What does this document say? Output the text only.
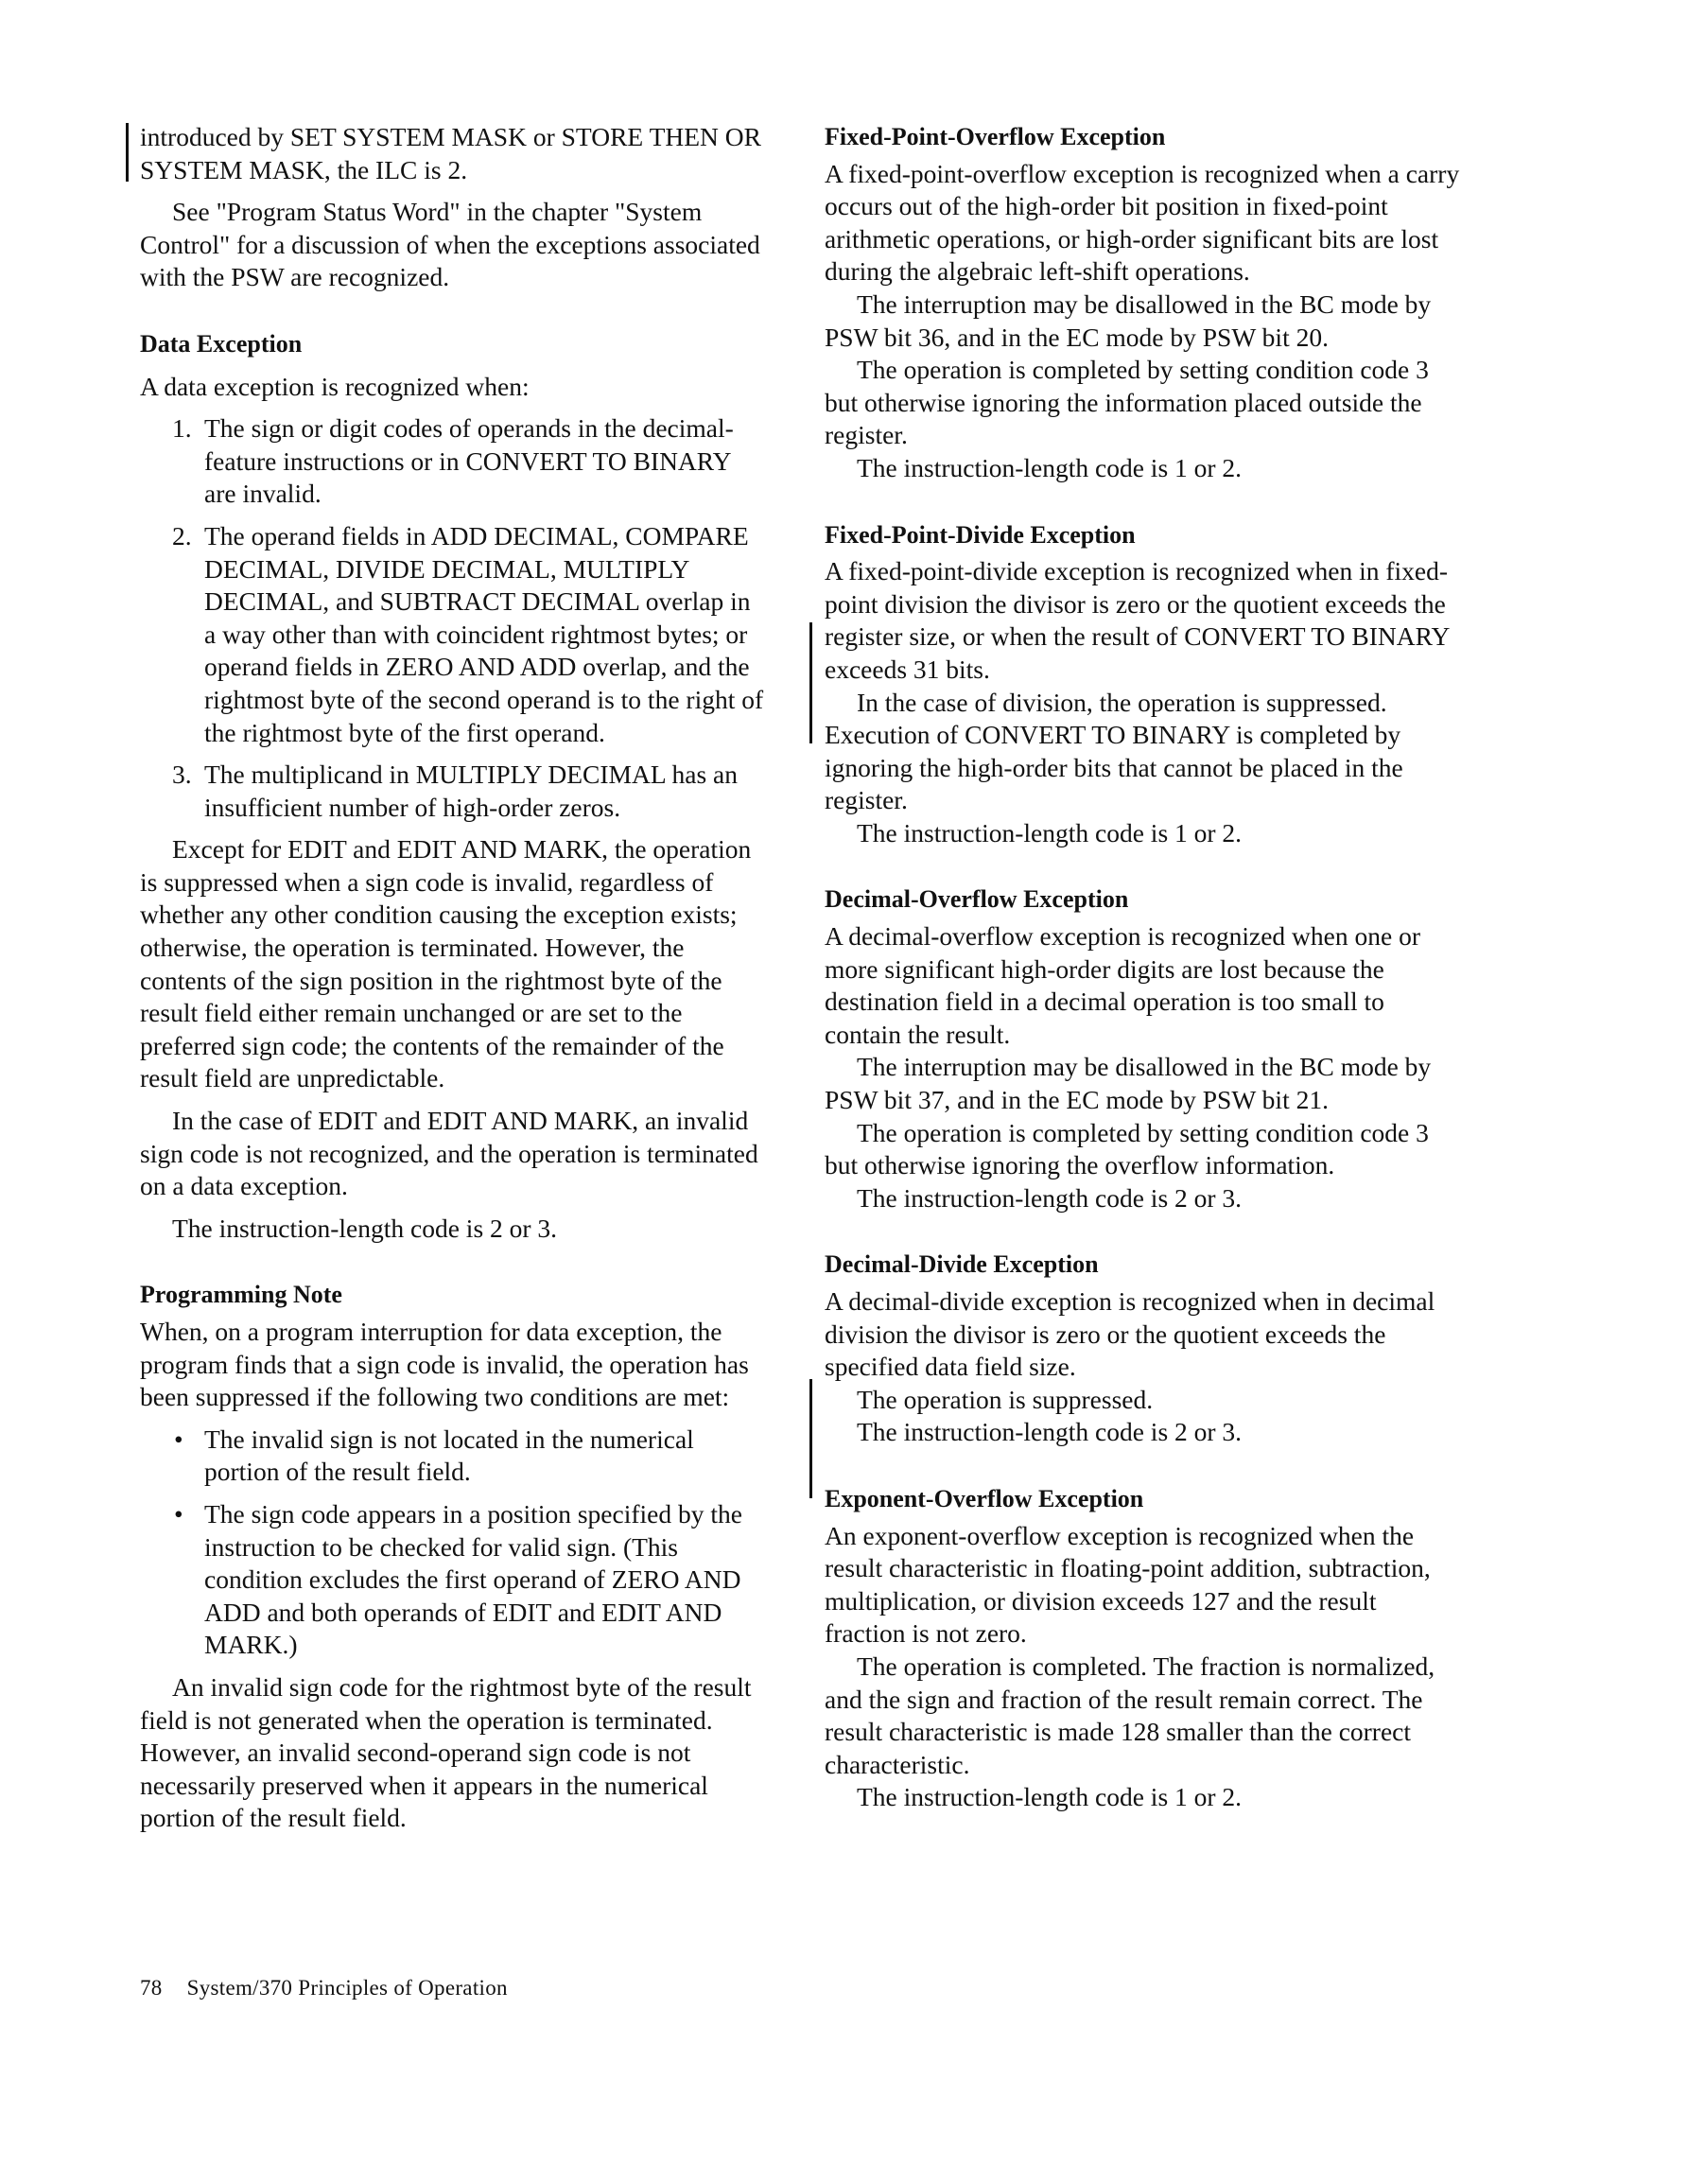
introduced by SET SYSTEM MASK or STORE THEN OR SYSTEM MASK, the ILC is 2.

See "Program Status Word" in the chapter "System Control" for a discussion of when the exceptions associated with the PSW are recognized.

Data Exception

A data exception is recognized when:

1. The sign or digit codes of operands in the decimal-feature instructions or in CONVERT TO BINARY are invalid.
2. The operand fields in ADD DECIMAL, COMPARE DECIMAL, DIVIDE DECIMAL, MULTIPLY DECIMAL, and SUBTRACT DECIMAL overlap in a way other than with coincident rightmost bytes; or operand fields in ZERO AND ADD overlap, and the rightmost byte of the second operand is to the right of the rightmost byte of the first operand.
3. The multiplicand in MULTIPLY DECIMAL has an insufficient number of high-order zeros.

Except for EDIT and EDIT AND MARK, the operation is suppressed when a sign code is invalid, regardless of whether any other condition causing the exception exists; otherwise, the operation is terminated. However, the contents of the sign position in the rightmost byte of the result field either remain unchanged or are set to the preferred sign code; the contents of the remainder of the result field are unpredictable.

In the case of EDIT and EDIT AND MARK, an invalid sign code is not recognized, and the operation is terminated on a data exception.

The instruction-length code is 2 or 3.

Programming Note

When, on a program interruption for data exception, the program finds that a sign code is invalid, the operation has been suppressed if the following two conditions are met:

• The invalid sign is not located in the numerical portion of the result field.
• The sign code appears in a position specified by the instruction to be checked for valid sign. (This condition excludes the first operand of ZERO AND ADD and both operands of EDIT and EDIT AND MARK.)

An invalid sign code for the rightmost byte of the result field is not generated when the operation is terminated. However, an invalid second-operand sign code is not necessarily preserved when it appears in the numerical portion of the result field.

Fixed-Point-Overflow Exception

A fixed-point-overflow exception is recognized when a carry occurs out of the high-order bit position in fixed-point arithmetic operations, or high-order significant bits are lost during the algebraic left-shift operations.

The interruption may be disallowed in the BC mode by PSW bit 36, and in the EC mode by PSW bit 20.

The operation is completed by setting condition code 3 but otherwise ignoring the information placed outside the register.

The instruction-length code is 1 or 2.

Fixed-Point-Divide Exception

A fixed-point-divide exception is recognized when in fixed-point division the divisor is zero or the quotient exceeds the register size, or when the result of CONVERT TO BINARY exceeds 31 bits.

In the case of division, the operation is suppressed. Execution of CONVERT TO BINARY is completed by ignoring the high-order bits that cannot be placed in the register.

The instruction-length code is 1 or 2.

Decimal-Overflow Exception

A decimal-overflow exception is recognized when one or more significant high-order digits are lost because the destination field in a decimal operation is too small to contain the result.

The interruption may be disallowed in the BC mode by PSW bit 37, and in the EC mode by PSW bit 21.

The operation is completed by setting condition code 3 but otherwise ignoring the overflow information.

The instruction-length code is 2 or 3.

Decimal-Divide Exception

A decimal-divide exception is recognized when in decimal division the divisor is zero or the quotient exceeds the specified data field size.

The operation is suppressed.

The instruction-length code is 2 or 3.

Exponent-Overflow Exception

An exponent-overflow exception is recognized when the result characteristic in floating-point addition, subtraction, multiplication, or division exceeds 127 and the result fraction is not zero.

The operation is completed. The fraction is normalized, and the sign and fraction of the result remain correct. The result characteristic is made 128 smaller than the correct characteristic.

The instruction-length code is 1 or 2.

78 System/370 Principles of Operation
